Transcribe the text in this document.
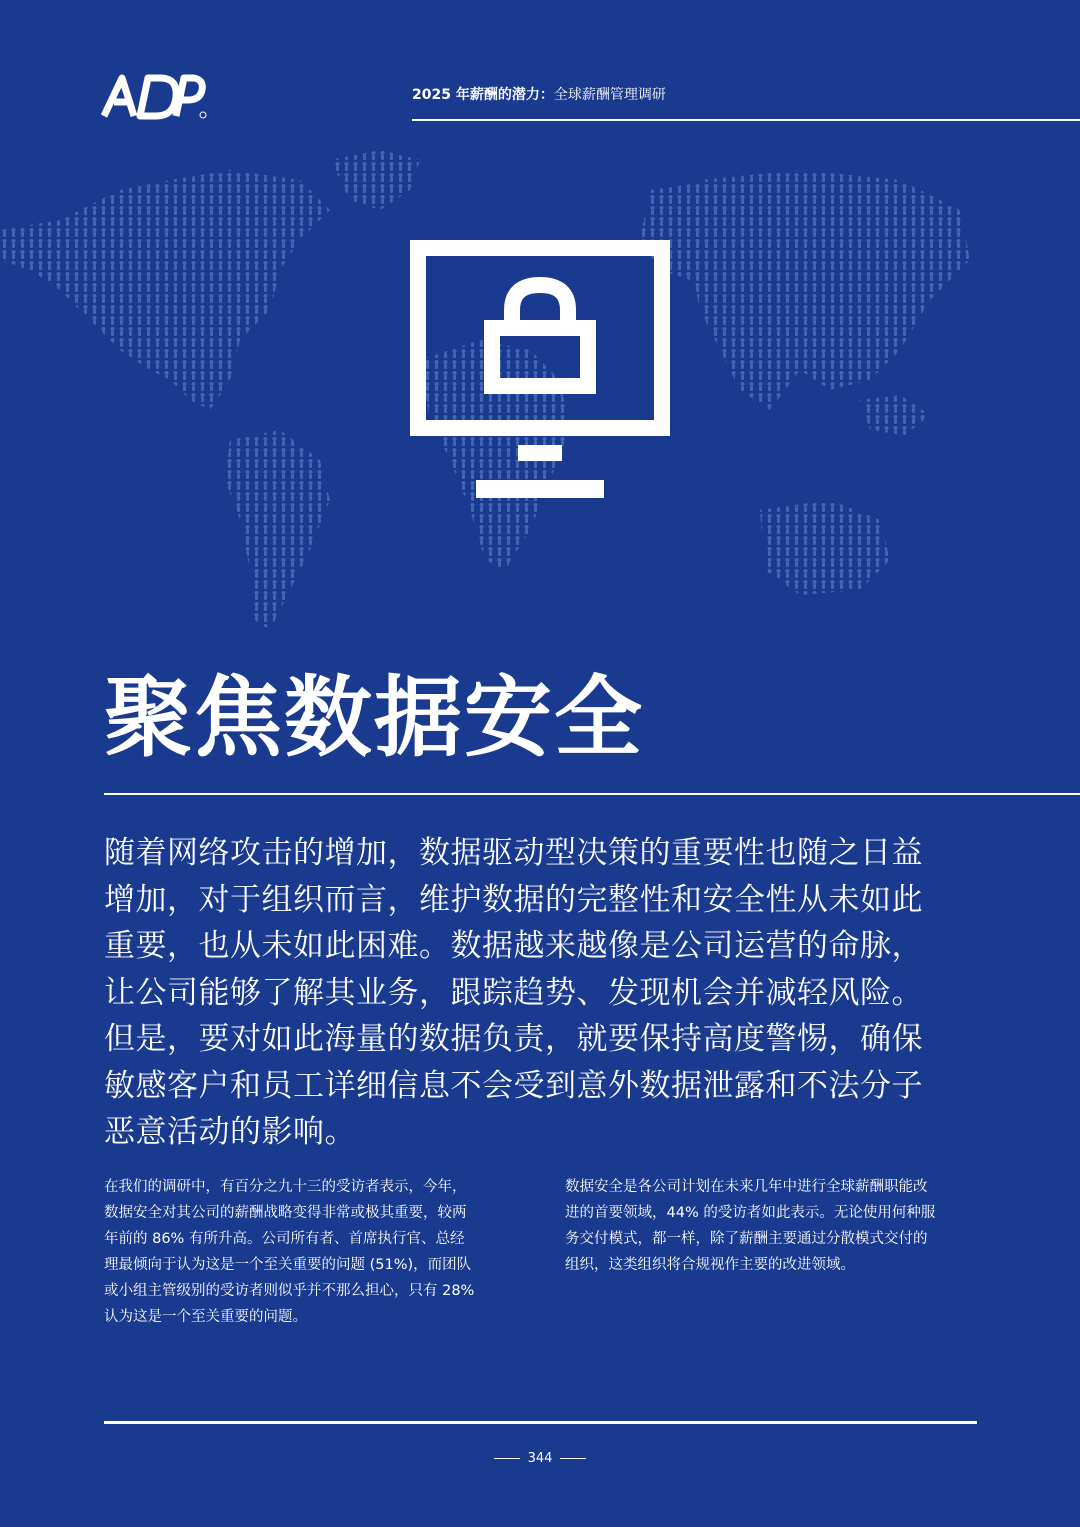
2025 年薪酬的潜力：全球薪酬管理调研
聚焦数据安全
随着网络攻击的增加，数据驱动型决策的重要性也随之日益
增加，对于组织而言，维护数据的完整性和安全性从未如此
重要，也从未如此困难。数据越来越像是公司运营的命脉，
让公司能够了解其业务，跟踪趋势、发现机会并减轻风险。
但是，要对如此海量的数据负责，就要保持高度警惕，确保
敏感客户和员工详细信息不会受到意外数据泄露和不法分子
恶意活动的影响。
在我们的调研中，有百分之九十三的受访者表示，今年，
数据安全对其公司的薪酬战略变得非常或极其重要，较两
年前的 86% 有所升高。公司所有者、首席执行官、总经
理最倾向于认为这是一个至关重要的问题 (51%)，而团队
或小组主管级别的受访者则似乎并不那么担心，只有 28%
认为这是一个至关重要的问题。
数据安全是各公司计划在未来几年中进行全球薪酬职能改
进的首要领域，44% 的受访者如此表示。无论使用何种服
务交付模式，都一样，除了薪酬主要通过分散模式交付的
组织，这类组织将合规视作主要的改进领域。
344
